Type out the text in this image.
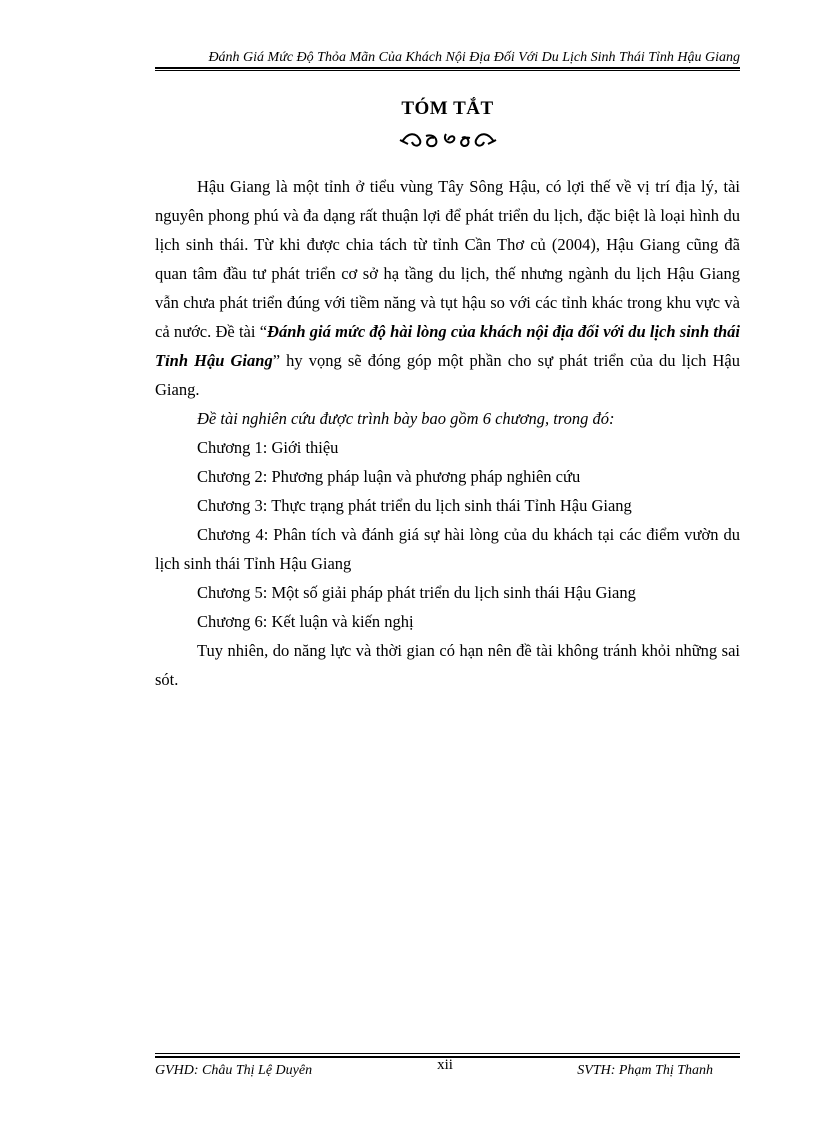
Đánh Giá Mức Độ Thỏa Mãn Của Khách Nội Địa Đối Với Du Lịch Sinh Thái Tỉnh Hậu Giang
TÓM TẮT

Hậu Giang là một tỉnh ở tiểu vùng Tây Sông Hậu, có lợi thế về vị trí địa lý, tài nguyên phong phú và đa dạng rất thuận lợi để phát triển du lịch, đặc biệt là loại hình du lịch sinh thái. Từ khi được chia tách từ tỉnh Cần Thơ củ (2004), Hậu Giang cũng đã quan tâm đầu tư phát triển cơ sở hạ tầng du lịch, thế nhưng ngành du lịch Hậu Giang vẫn chưa phát triển đúng với tiềm năng và tụt hậu so với các tỉnh khác trong khu vực và cả nước. Đề tài “Đánh giá mức độ hài lòng của khách nội địa đối với du lịch sinh thái Tỉnh Hậu Giang” hy vọng sẽ đóng góp một phần cho sự phát triển của du lịch Hậu Giang.

Đề tài nghiên cứu được trình bày bao gồm 6 chương, trong đó:

Chương 1: Giới thiệu

Chương 2: Phương pháp luận và phương pháp nghiên cứu

Chương 3: Thực trạng phát triển du lịch sinh thái Tỉnh Hậu Giang

Chương 4: Phân tích và đánh giá sự hài lòng của du khách tại các điểm vườn du lịch sinh thái Tỉnh Hậu Giang

Chương 5: Một số giải pháp phát triển du lịch sinh thái Hậu Giang

Chương 6: Kết luận và kiến nghị

Tuy nhiên, do năng lực và thời gian có hạn nên đề tài không tránh khỏi những sai sót.

GVHD: Châu Thị Lệ Duyên	xii	SVTH: Phạm Thị Thanh
